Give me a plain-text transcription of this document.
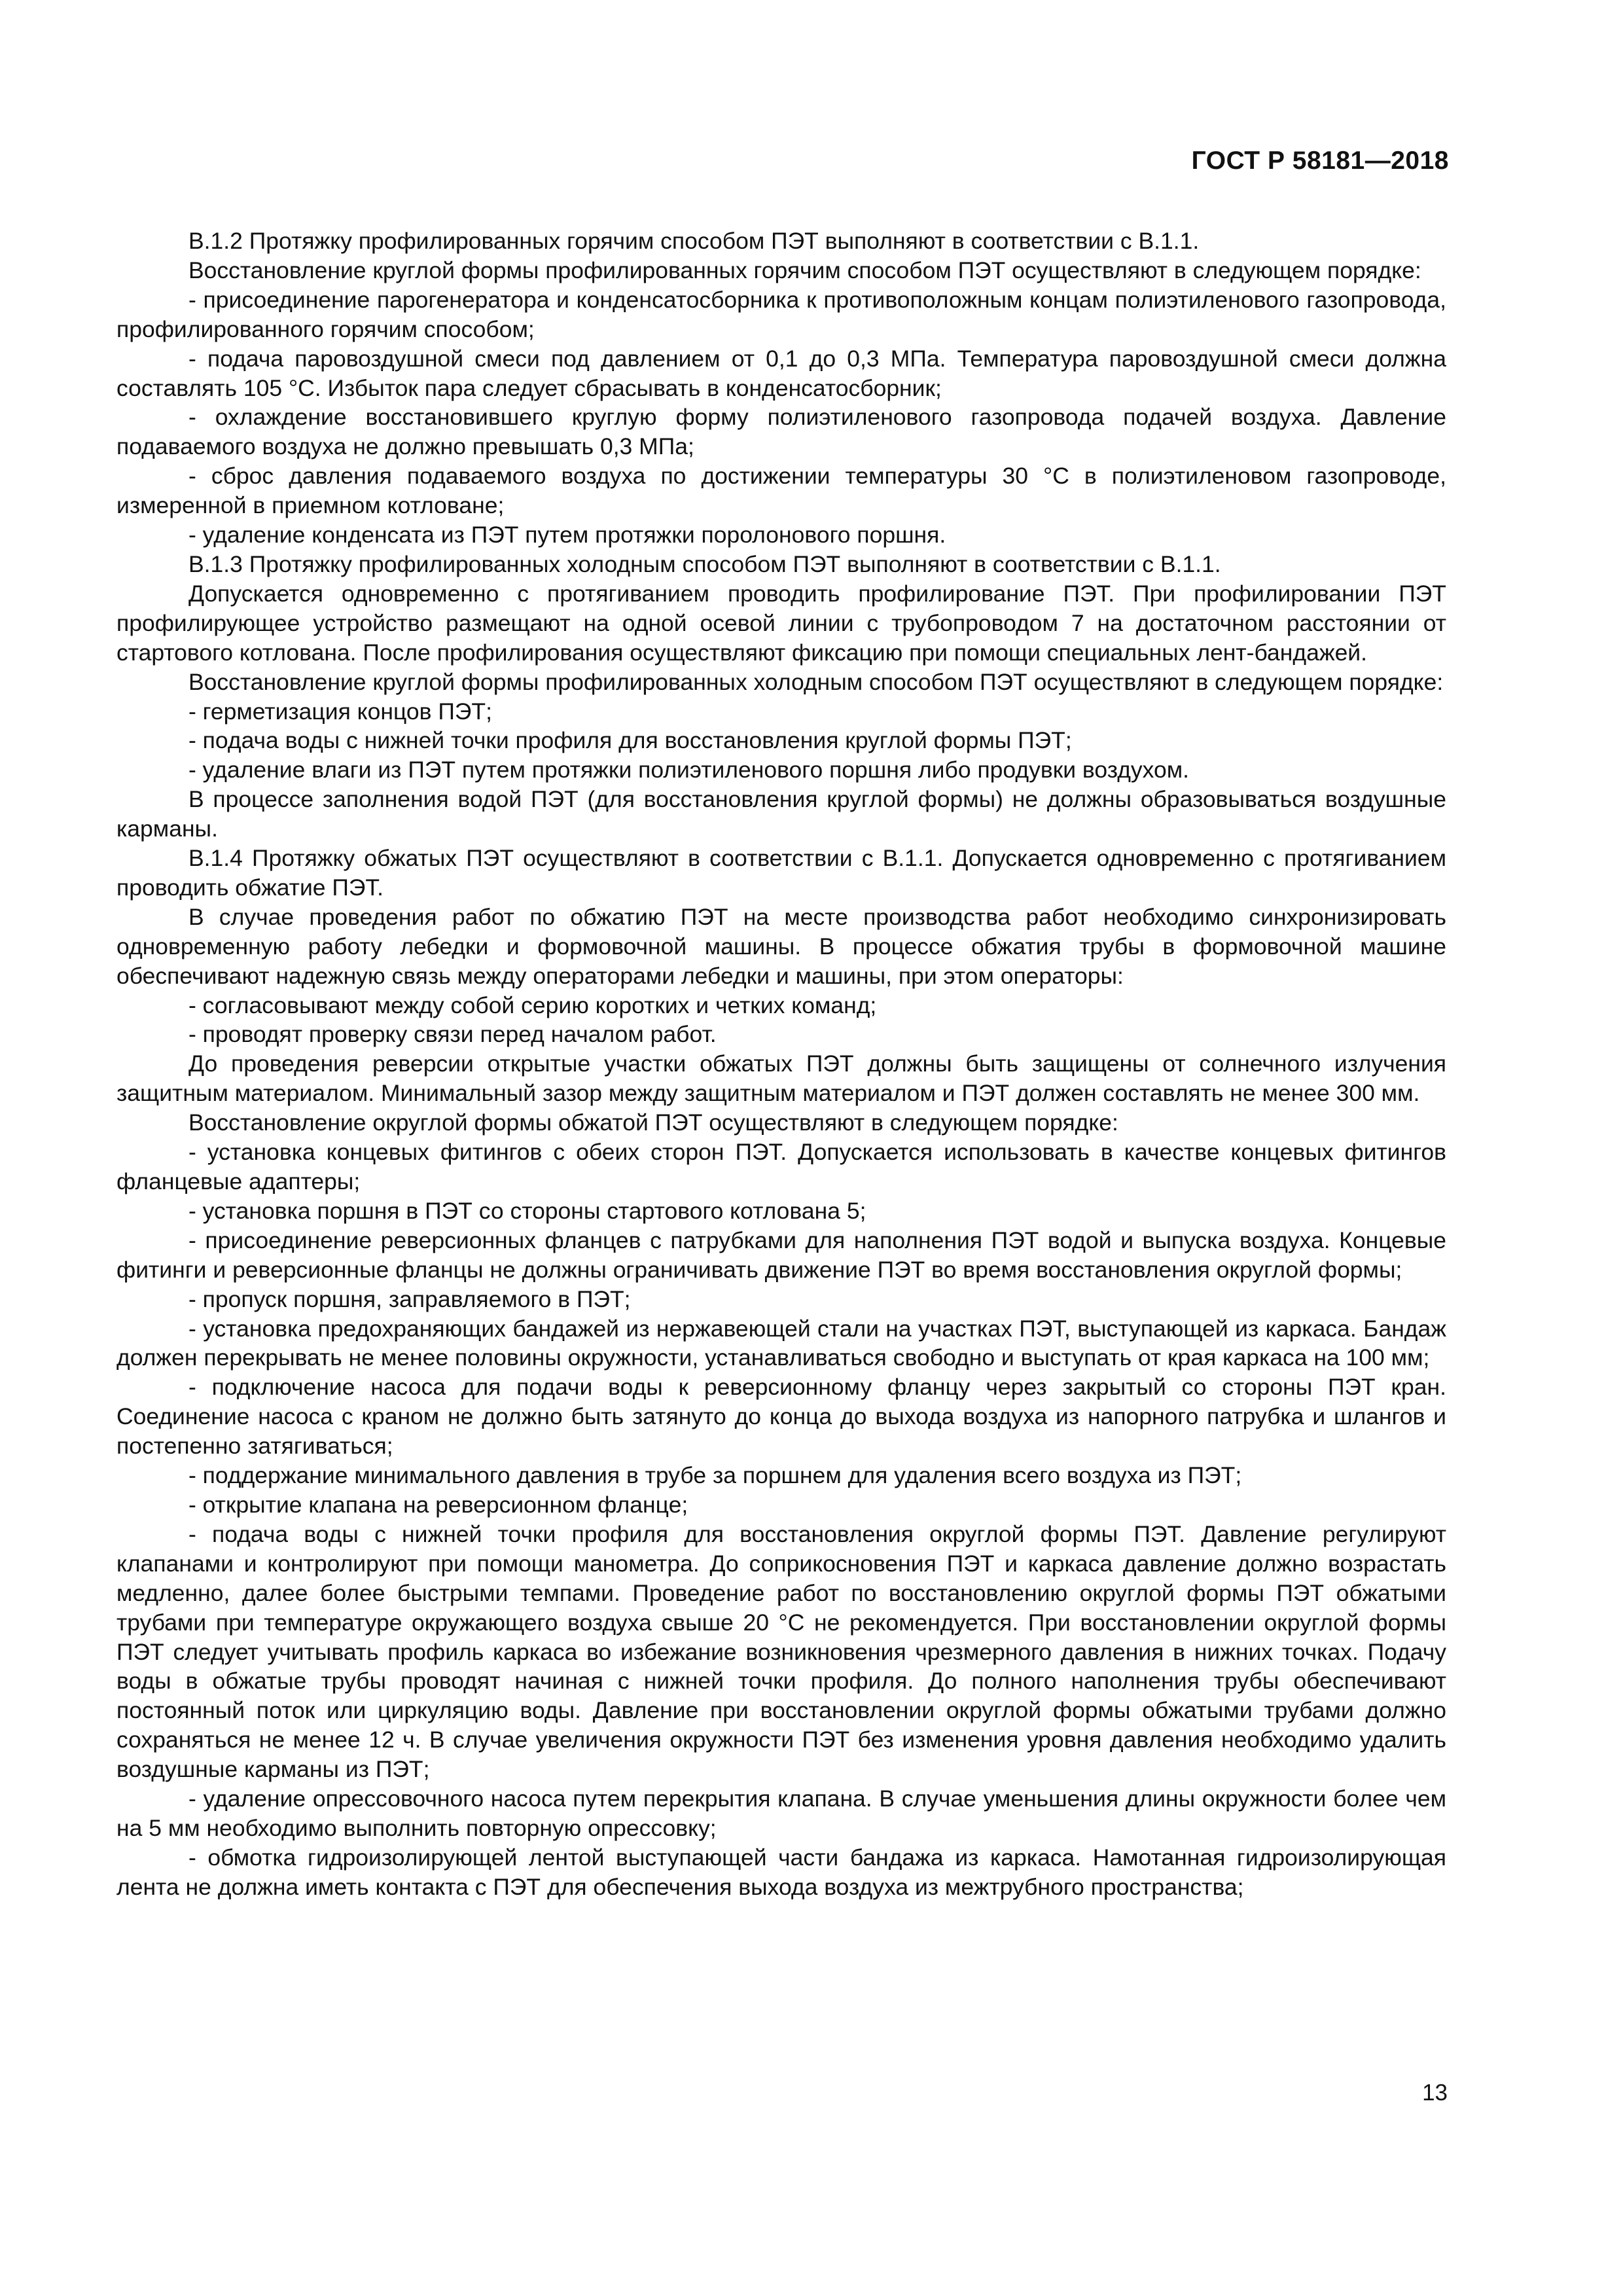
ГОСТ Р 58181—2018

В.1.2 Протяжку профилированных горячим способом ПЭТ выполняют в соответствии с В.1.1.

Восстановление круглой формы профилированных горячим способом ПЭТ осуществляют в следующем порядке:

- присоединение парогенератора и конденсатосборника к противоположным концам полиэтиленового газопровода, профилированного горячим способом;

- подача паровоздушной смеси под давлением от 0,1 до 0,3 МПа. Температура паровоздушной смеси должна составлять 105 °С. Избыток пара следует сбрасывать в конденсатосборник;

- охлаждение восстановившего круглую форму полиэтиленового газопровода подачей воздуха. Давление подаваемого воздуха не должно превышать 0,3 МПа;

- сброс давления подаваемого воздуха по достижении температуры 30 °С в полиэтиленовом газопроводе, измеренной в приемном котловане;

- удаление конденсата из ПЭТ путем протяжки поролонового поршня.

В.1.3 Протяжку профилированных холодным способом ПЭТ выполняют в соответствии с В.1.1.

Допускается одновременно с протягиванием проводить профилирование ПЭТ. При профилировании ПЭТ профилирующее устройство размещают на одной осевой линии с трубопроводом 7 на достаточном расстоянии от стартового котлована. После профилирования осуществляют фиксацию при помощи специальных лент-бандажей.

Восстановление круглой формы профилированных холодным способом ПЭТ осуществляют в следующем порядке:

- герметизация концов ПЭТ;

- подача воды с нижней точки профиля для восстановления круглой формы ПЭТ;

- удаление влаги из ПЭТ путем протяжки полиэтиленового поршня либо продувки воздухом.

В процессе заполнения водой ПЭТ (для восстановления круглой формы) не должны образовываться воздушные карманы.

В.1.4 Протяжку обжатых ПЭТ осуществляют в соответствии с В.1.1. Допускается одновременно с протягиванием проводить обжатие ПЭТ.

В случае проведения работ по обжатию ПЭТ на месте производства работ необходимо синхронизировать одновременную работу лебедки и формовочной машины. В процессе обжатия трубы в формовочной машине обеспечивают надежную связь между операторами лебедки и машины, при этом операторы:

- согласовывают между собой серию коротких и четких команд;

- проводят проверку связи перед началом работ.

До проведения реверсии открытые участки обжатых ПЭТ должны быть защищены от солнечного излучения защитным материалом. Минимальный зазор между защитным материалом и ПЭТ должен составлять не менее 300 мм.

Восстановление округлой формы обжатой ПЭТ осуществляют в следующем порядке:

- установка концевых фитингов с обеих сторон ПЭТ. Допускается использовать в качестве концевых фитингов фланцевые адаптеры;

- установка поршня в ПЭТ со стороны стартового котлована 5;

- присоединение реверсионных фланцев с патрубками для наполнения ПЭТ водой и выпуска воздуха. Концевые фитинги и реверсионные фланцы не должны ограничивать движение ПЭТ во время восстановления округлой формы;

- пропуск поршня, заправляемого в ПЭТ;

- установка предохраняющих бандажей из нержавеющей стали на участках ПЭТ, выступающей из каркаса. Бандаж должен перекрывать не менее половины окружности, устанавливаться свободно и выступать от края каркаса на 100 мм;

- подключение насоса для подачи воды к реверсионному фланцу через закрытый со стороны ПЭТ кран. Соединение насоса с краном не должно быть затянуто до конца до выхода воздуха из напорного патрубка и шлангов и постепенно затягиваться;

- поддержание минимального давления в трубе за поршнем для удаления всего воздуха из ПЭТ;

- открытие клапана на реверсионном фланце;

- подача воды с нижней точки профиля для восстановления округлой формы ПЭТ. Давление регулируют клапанами и контролируют при помощи манометра. До соприкосновения ПЭТ и каркаса давление должно возрастать медленно, далее более быстрыми темпами. Проведение работ по восстановлению округлой формы ПЭТ обжатыми трубами при температуре окружающего воздуха свыше 20 °С не рекомендуется. При восстановлении округлой формы ПЭТ следует учитывать профиль каркаса во избежание возникновения чрезмерного давления в нижних точках. Подачу воды в обжатые трубы проводят начиная с нижней точки профиля. До полного наполнения трубы обеспечивают постоянный поток или циркуляцию воды. Давление при восстановлении округлой формы обжатыми трубами должно сохраняться не менее 12 ч. В случае увеличения окружности ПЭТ без изменения уровня давления необходимо удалить воздушные карманы из ПЭТ;

- удаление опрессовочного насоса путем перекрытия клапана. В случае уменьшения длины окружности более чем на 5 мм необходимо выполнить повторную опрессовку;

- обмотка гидроизолирующей лентой выступающей части бандажа из каркаса. Намотанная гидроизолирующая лента не должна иметь контакта с ПЭТ для обеспечения выхода воздуха из межтрубного пространства;

13
